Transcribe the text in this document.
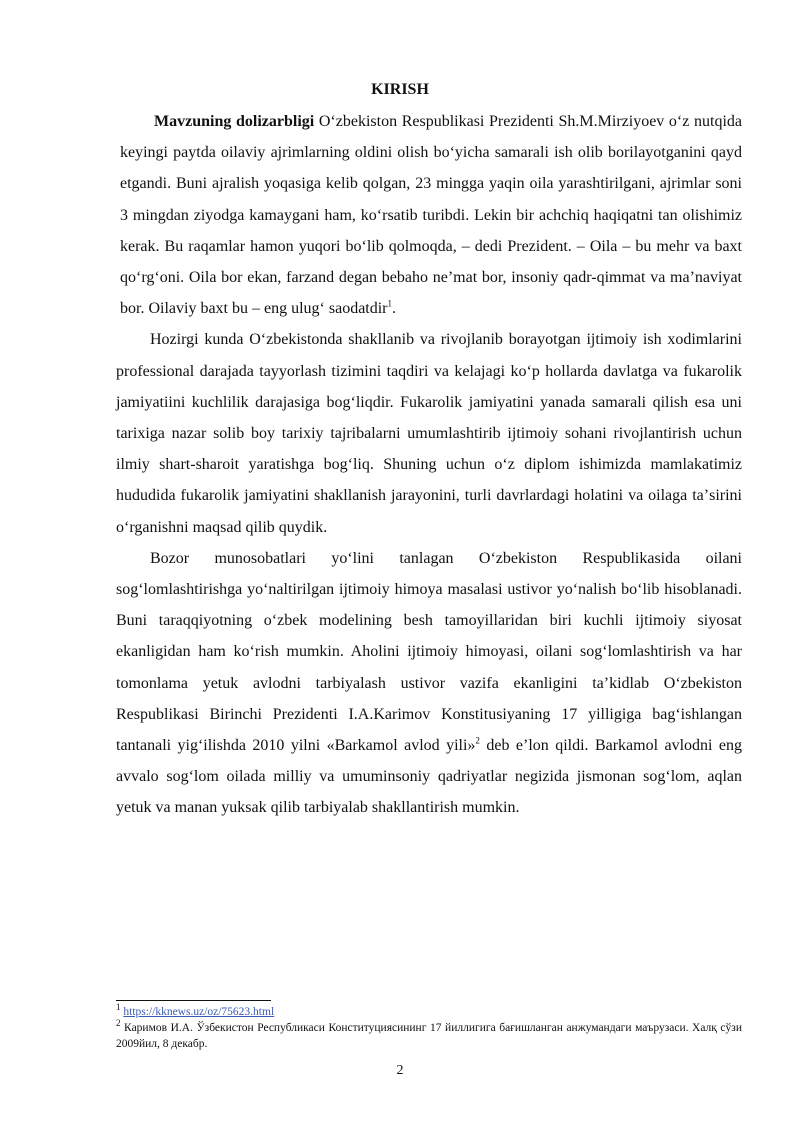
KIRISH

Mavzuning dolizarbligi Oʻzbekiston Respublikasi Prezidenti Sh.M.Mirziyoev oʻz nutqida keyingi paytda oilaviy ajrimlarning oldini olish boʻyicha samarali ish olib borilayotganini qayd etgandi. Buni ajralish yoqasiga kelib qolgan, 23 mingga yaqin oila yarashtirilgani, ajrimlar soni 3 mingdan ziyodga kamaygani ham, koʻrsatib turibdi. Lekin bir achchiq haqiqatni tan olishimiz kerak. Bu raqamlar hamon yuqori boʻlib qolmoqda, – dedi Prezident. – Oila – bu mehr va baxt qoʻrgʻoni. Oila bor ekan, farzand degan bebaho neʼmat bor, insoniy qadr-qimmat va maʼnaviyat bor. Oilaviy baxt bu – eng ulugʻ saodatdir$^1$.

Hozirgi kunda Oʻzbekistonda shakllanib va rivojlanib borayotgan ijtimoiy ish xodimlarini professional darajada tayyorlash tizimini taqdiri va kelajagi koʻp hollarda davlatga va fukarolik jamiyatiini kuchlilik darajasiga bogʻliqdir. Fukarolik jamiyatini yanada samarali qilish esa uni tarixiga nazar solib boy tarixiy tajribalarni umumlashtirib ijtimoiy sohani rivojlantirish uchun ilmiy shart-sharoit yaratishga bogʻliq. Shuning uchun oʻz diplom ishimizda mamlakatimiz hududida fukarolik jamiyatini shakllanish jarayonini, turli davrlardagi holatini va oilaga taʼsirini oʻrganishni maqsad qilib quydik.

Bozor munosobatlari yoʻlini tanlagan Oʻzbekiston Respublikasida oilani sogʻlomlashtirishga yoʻnaltirilgan ijtimoiy himoya masalasi ustivor yoʻnalish boʻlib hisoblanadi. Buni taraqqiyotning oʻzbek modelining besh tamoyillaridan biri kuchli ijtimoiy siyosat ekanligidan ham koʻrish mumkin. Aholini ijtimoiy himoyasi, oilani sogʻlomlashtirish va har tomonlama yetuk avlodni tarbiyalash ustivor vazifa ekanligini taʼkidlab Oʻzbekiston Respublikasi Birinchi Prezidenti I.A.Karimov Konstitusiyaning 17 yilligiga bagʻishlangan tantanali yigʻilishda 2010 yilni «Barkamol avlod yili»$^2$ deb eʼlon qildi. Barkamol avlodni eng avvalo sogʻlom oilada milliy va umuminsoniy qadriyatlar negizida jismonan sogʻlom, aqlan yetuk va manan yuksak qilib tarbiyalab shakllantirish mumkin.

$^1$ https://kknews.uz/oz/75623.html

$^2$ Каримов И.А. Ўзбекистон Республикаси Конституциясининг 17 йиллигига бағишланган анжумандаги маърузаси. Халқ сўзи 2009йил, 8 декабр.

2
